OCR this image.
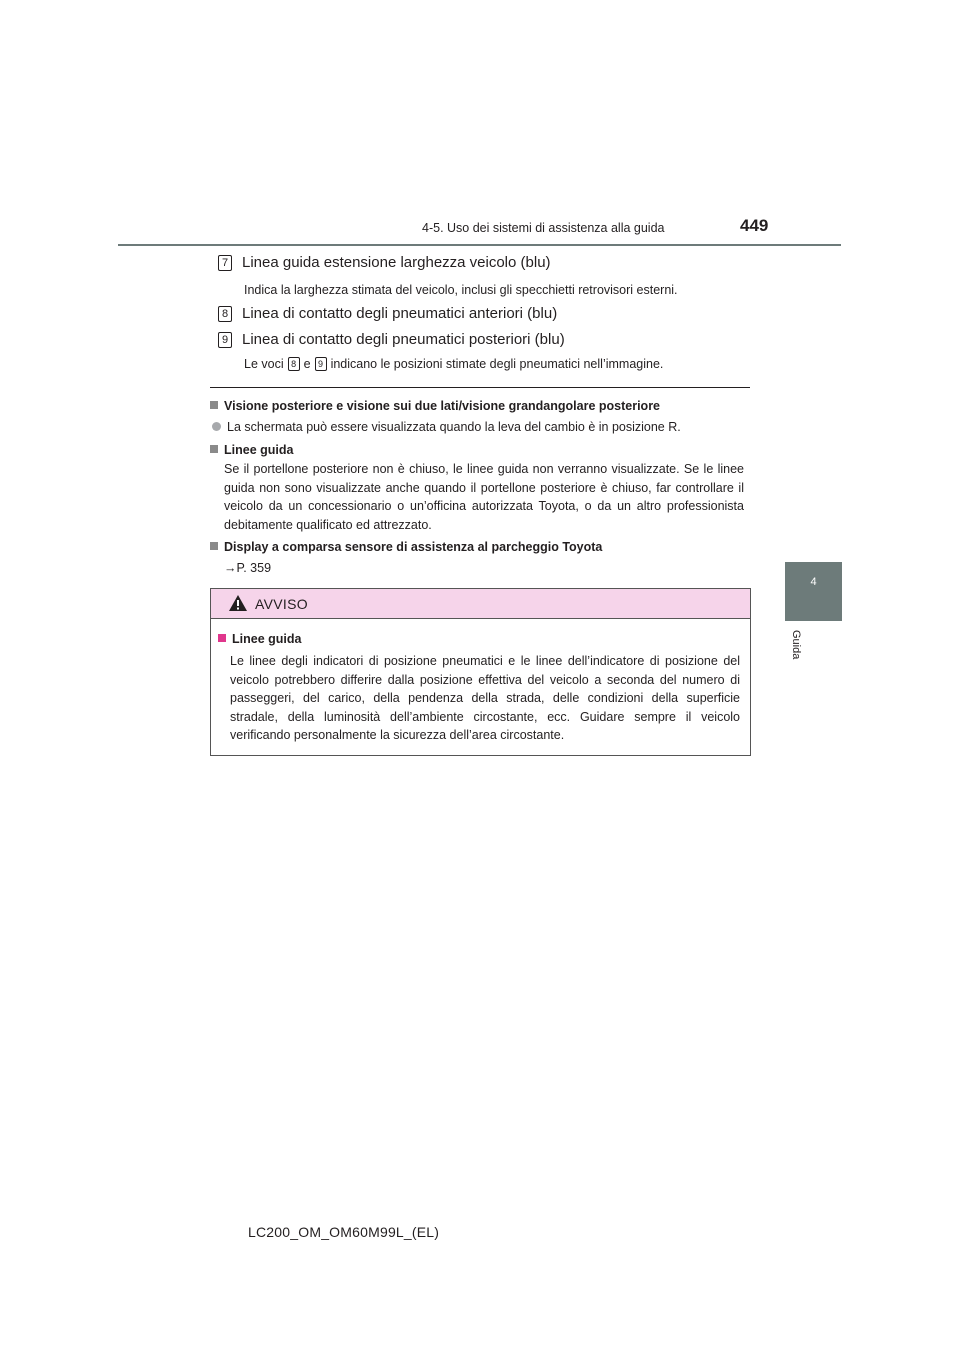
4-5. Uso dei sistemi di assistenza alla guida	449
4
Guida
7 Linea guida estensione larghezza veicolo (blu)
Indica la larghezza stimata del veicolo, inclusi gli specchietti retrovisori esterni.
8 Linea di contatto degli pneumatici anteriori (blu)
9 Linea di contatto degli pneumatici posteriori (blu)
Le voci 8 e 9 indicano le posizioni stimate degli pneumatici nell’immagine.
Visione posteriore e visione sui due lati/visione grandangolare posteriore
La schermata può essere visualizzata quando la leva del cambio è in posizione R.
Linee guida
Se il portellone posteriore non è chiuso, le linee guida non verranno visualizzate. Se le linee guida non sono visualizzate anche quando il portellone posteriore è chiuso, far controllare il veicolo da un concessionario o un’officina autorizzata Toyota, o da un altro professionista debitamente qualificato ed attrezzato.
Display a comparsa sensore di assistenza al parcheggio Toyota
→P. 359
AVVISO
Linee guida
Le linee degli indicatori di posizione pneumatici e le linee dell’indicatore di posizione del veicolo potrebbero differire dalla posizione effettiva del veicolo a seconda del numero di passeggeri, del carico, della pendenza della strada, delle condizioni della superficie stradale, della luminosità dell’ambiente circostante, ecc. Guidare sempre il veicolo verificando personalmente la sicurezza dell’area circostante.
LC200_OM_OM60M99L_(EL)
